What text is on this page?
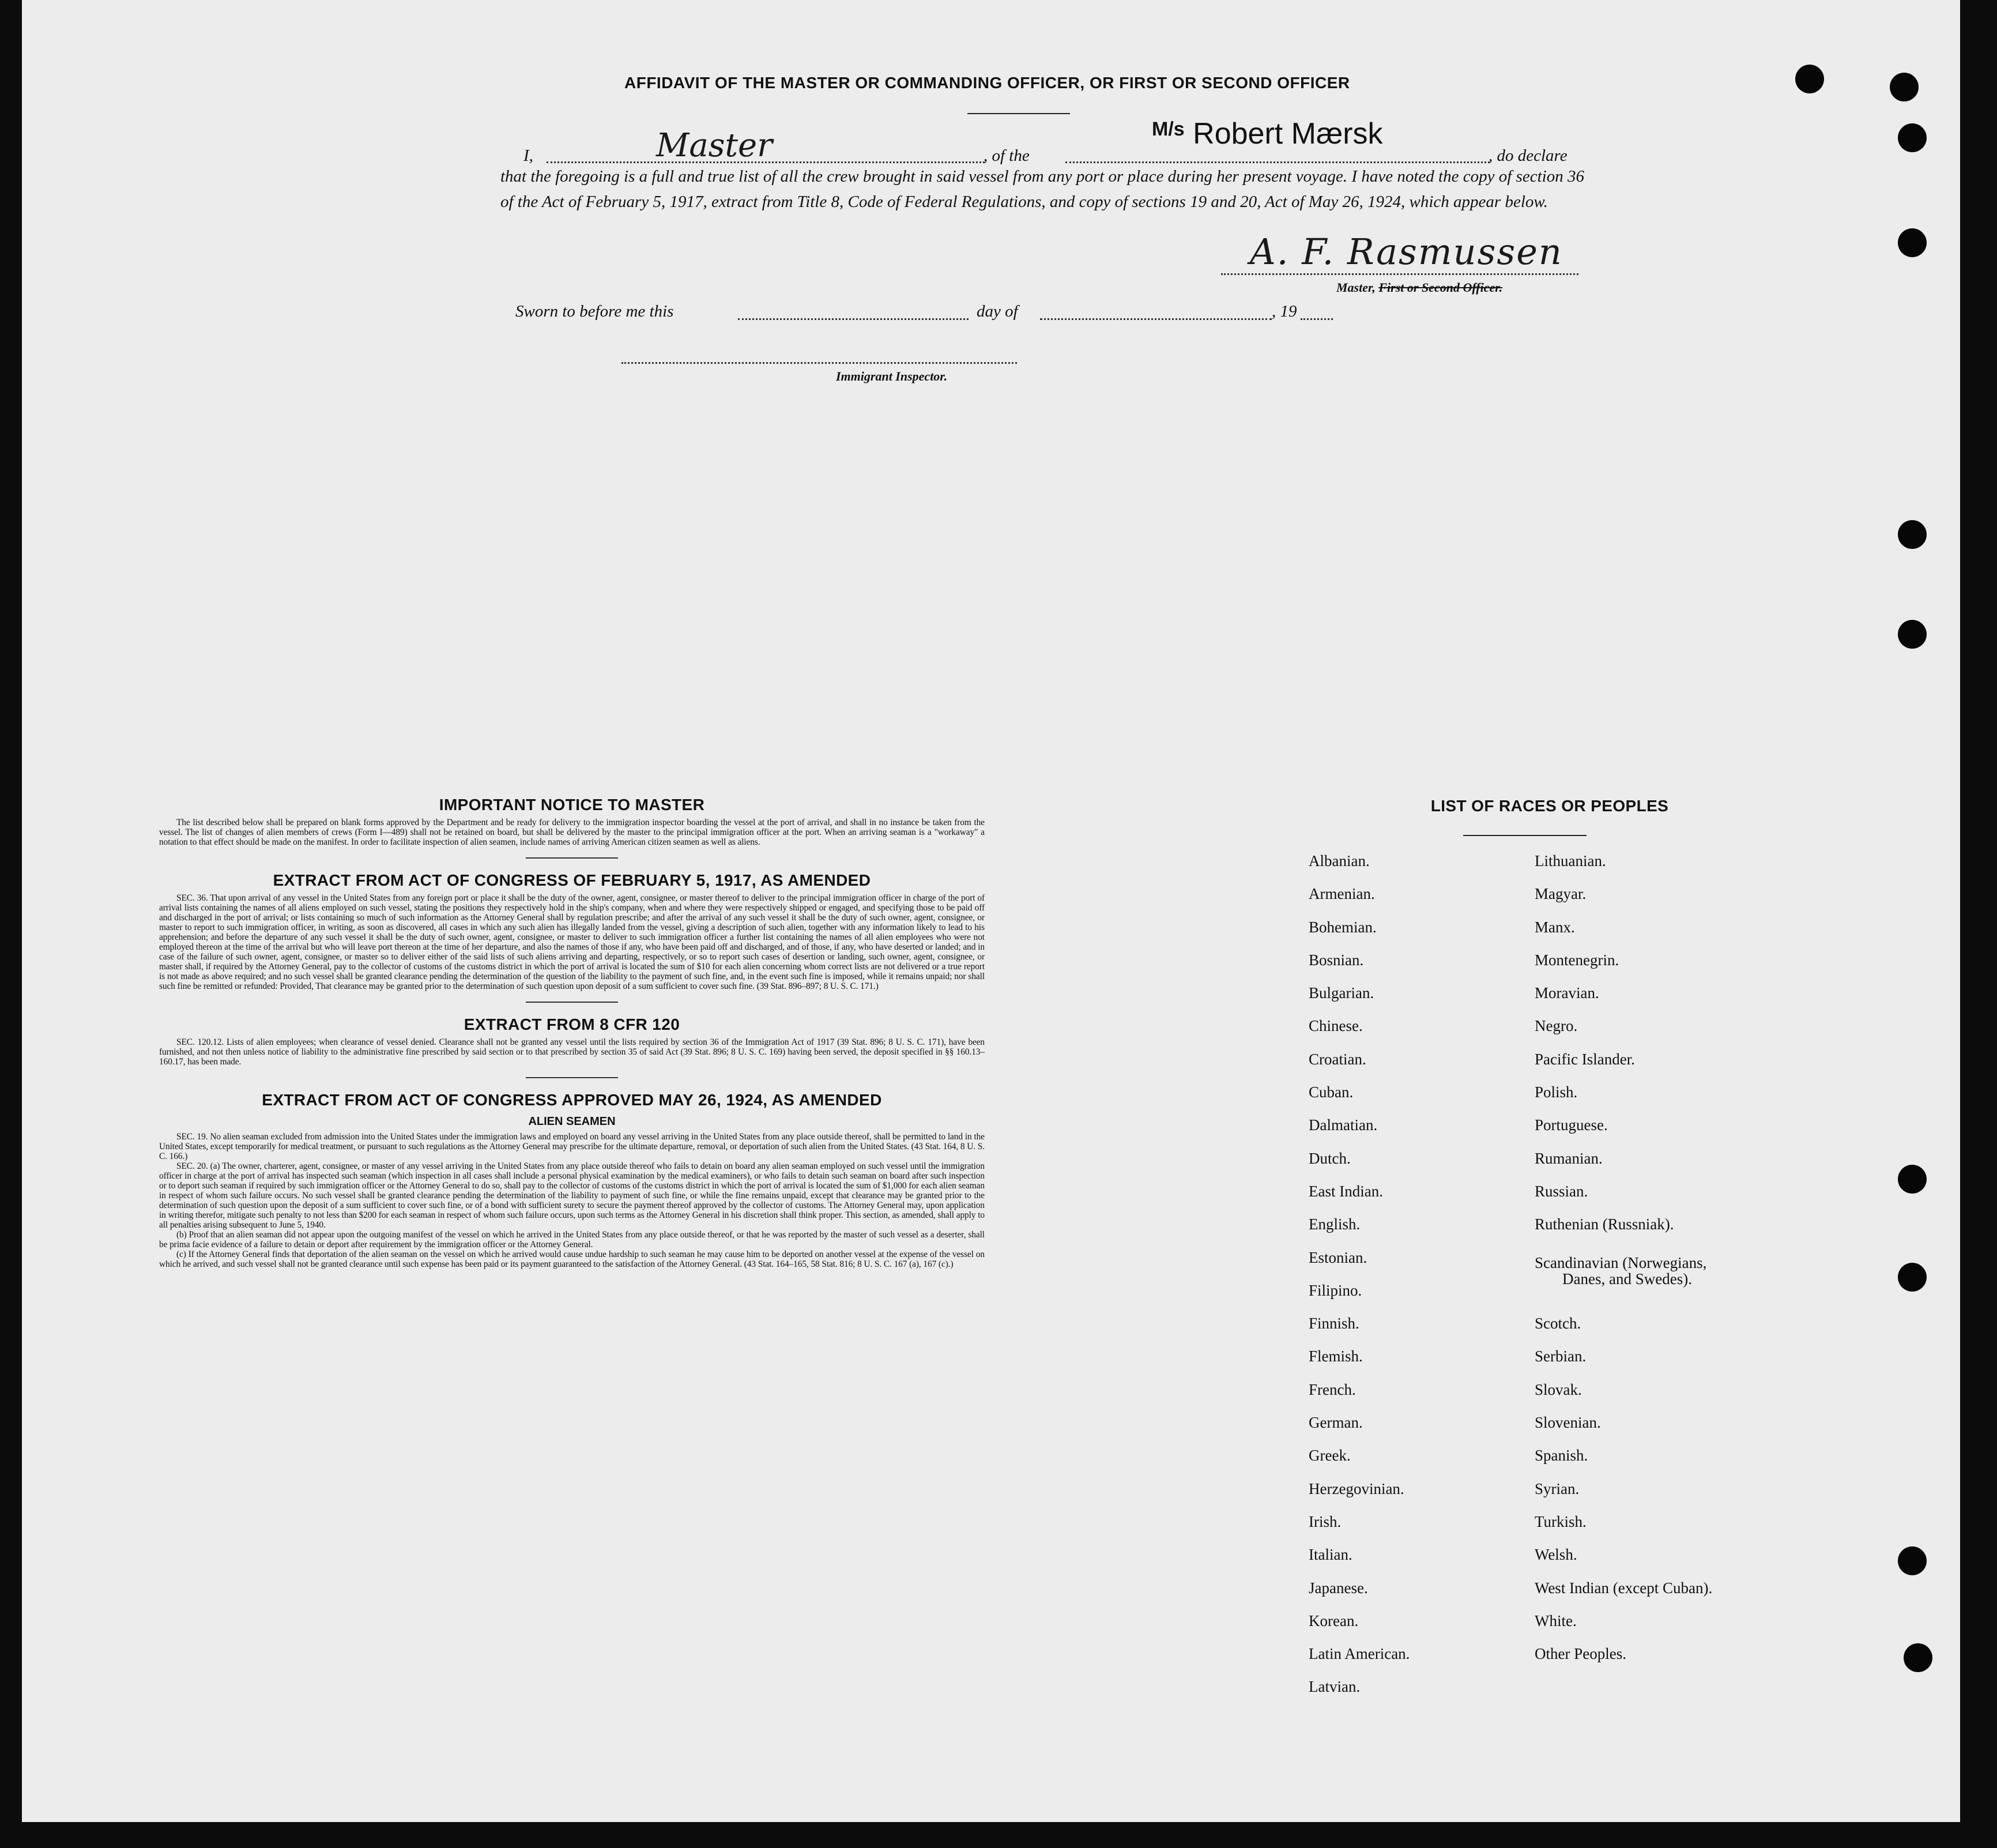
AFFIDAVIT OF THE MASTER OR COMMANDING OFFICER, OR FIRST OR SECOND OFFICER
I,	Master	, of the
$^{M/s}$ Robert Mærsk
, do declare
that the foregoing is a full and true list of all the crew brought in said vessel from any port or place during her present voyage. I have noted the copy of section 36 of the Act of February 5, 1917, extract from Title 8, Code of Federal Regulations, and copy of sections 19 and 20, Act of May 26, 1924, which appear below.
A. F. Rasmussen
Master, First or Second Officer.
Sworn to before me this	day of	, 19
Immigrant Inspector.
IMPORTANT NOTICE TO MASTER

The list described below shall be prepared on blank forms approved by the Department and be ready for delivery to the immigration inspector boarding the vessel at the port of arrival, and shall in no instance be taken from the vessel. The list of changes of alien members of crews (Form I—489) shall not be retained on board, but shall be delivered by the master to the principal immigration officer at the port. When an arriving seaman is a "workaway" a notation to that effect should be made on the manifest. In order to facilitate inspection of alien seamen, include names of arriving American citizen seamen as well as aliens.

EXTRACT FROM ACT OF CONGRESS OF FEBRUARY 5, 1917, AS AMENDED

SEC. 36. That upon arrival of any vessel in the United States from any foreign port or place it shall be the duty of the owner, agent, consignee, or master thereof to deliver to the principal immigration officer in charge of the port of arrival lists containing the names of all aliens employed on such vessel, stating the positions they respectively hold in the ship's company, when and where they were respectively shipped or engaged, and specifying those to be paid off and discharged in the port of arrival; or lists containing so much of such information as the Attorney General shall by regulation prescribe; and after the arrival of any such vessel it shall be the duty of such owner, agent, consignee, or master to report to such immigration officer, in writing, as soon as discovered, all cases in which any such alien has illegally landed from the vessel, giving a description of such alien, together with any information likely to lead to his apprehension; and before the departure of any such vessel it shall be the duty of such owner, agent, consignee, or master to deliver to such immigration officer a further list containing the names of all alien employees who were not employed thereon at the time of the arrival but who will leave port thereon at the time of her departure, and also the names of those if any, who have been paid off and discharged, and of those, if any, who have deserted or landed; and in case of the failure of such owner, agent, consignee, or master so to deliver either of the said lists of such aliens arriving and departing, respectively, or so to report such cases of desertion or landing, such owner, agent, consignee, or master shall, if required by the Attorney General, pay to the collector of customs of the customs district in which the port of arrival is located the sum of $10 for each alien concerning whom correct lists are not delivered or a true report is not made as above required; and no such vessel shall be granted clearance pending the determination of the question of the liability to the payment of such fine, and, in the event such fine is imposed, while it remains unpaid; nor shall such fine be remitted or refunded: Provided, That clearance may be granted prior to the determination of such question upon deposit of a sum sufficient to cover such fine. (39 Stat. 896–897; 8 U. S. C. 171.)

EXTRACT FROM 8 CFR 120

SEC. 120.12. Lists of alien employees; when clearance of vessel denied. Clearance shall not be granted any vessel until the lists required by section 36 of the Immigration Act of 1917 (39 Stat. 896; 8 U. S. C. 171), have been furnished, and not then unless notice of liability to the administrative fine prescribed by said section or to that prescribed by section 35 of said Act (39 Stat. 896; 8 U. S. C. 169) having been served, the deposit specified in §§ 160.13–160.17, has been made.

EXTRACT FROM ACT OF CONGRESS APPROVED MAY 26, 1924, AS AMENDED
ALIEN SEAMEN

SEC. 19. No alien seaman excluded from admission into the United States under the immigration laws and employed on board any vessel arriving in the United States from any place outside thereof, shall be permitted to land in the United States, except temporarily for medical treatment, or pursuant to such regulations as the Attorney General may prescribe for the ultimate departure, removal, or deportation of such alien from the United States. (43 Stat. 164, 8 U. S. C. 166.)

SEC. 20. (a) The owner, charterer, agent, consignee, or master of any vessel arriving in the United States from any place outside thereof who fails to detain on board any alien seaman employed on such vessel until the immigration officer in charge at the port of arrival has inspected such seaman (which inspection in all cases shall include a personal physical examination by the medical examiners), or who fails to detain such seaman on board after such inspection or to deport such seaman if required by such immigration officer or the Attorney General to do so, shall pay to the collector of customs of the customs district in which the port of arrival is located the sum of $1,000 for each alien seaman in respect of whom such failure occurs. No such vessel shall be granted clearance pending the determination of the liability to payment of such fine, or while the fine remains unpaid, except that clearance may be granted prior to the determination of such question upon the deposit of a sum sufficient to cover such fine, or of a bond with sufficient surety to secure the payment thereof approved by the collector of customs. The Attorney General may, upon application in writing therefor, mitigate such penalty to not less than $200 for each seaman in respect of whom such failure occurs, upon such terms as the Attorney General in his discretion shall think proper. This section, as amended, shall apply to all penalties arising subsequent to June 5, 1940.

(b) Proof that an alien seaman did not appear upon the outgoing manifest of the vessel on which he arrived in the United States from any place outside thereof, or that he was reported by the master of such vessel as a deserter, shall be prima facie evidence of a failure to detain or deport after requirement by the immigration officer or the Attorney General.

(c) If the Attorney General finds that deportation of the alien seaman on the vessel on which he arrived would cause undue hardship to such seaman he may cause him to be deported on another vessel at the expense of the vessel on which he arrived, and such vessel shall not be granted clearance until such expense has been paid or its payment guaranteed to the satisfaction of the Attorney General. (43 Stat. 164–165, 58 Stat. 816; 8 U. S. C. 167 (a), 167 (c).)

LIST OF RACES OR PEOPLES
Albanian.
Armenian.
Bohemian.
Bosnian.
Bulgarian.
Chinese.
Croatian.
Cuban.
Dalmatian.
Dutch.
East Indian.
English.
Estonian.
Filipino.
Finnish.
Flemish.
French.
German.
Greek.
Herzegovinian.
Irish.
Italian.
Japanese.
Korean.
Latin American.
Latvian.
Lithuanian.
Magyar.
Manx.
Montenegrin.
Moravian.
Negro.
Pacific Islander.
Polish.
Portuguese.
Rumanian.
Russian.
Ruthenian (Russniak).
Scandinavian (Norwegians,
Danes, and Swedes).
Scotch.
Serbian.
Slovak.
Slovenian.
Spanish.
Syrian.
Turkish.
Welsh.
West Indian (except Cuban).
White.
Other Peoples.
